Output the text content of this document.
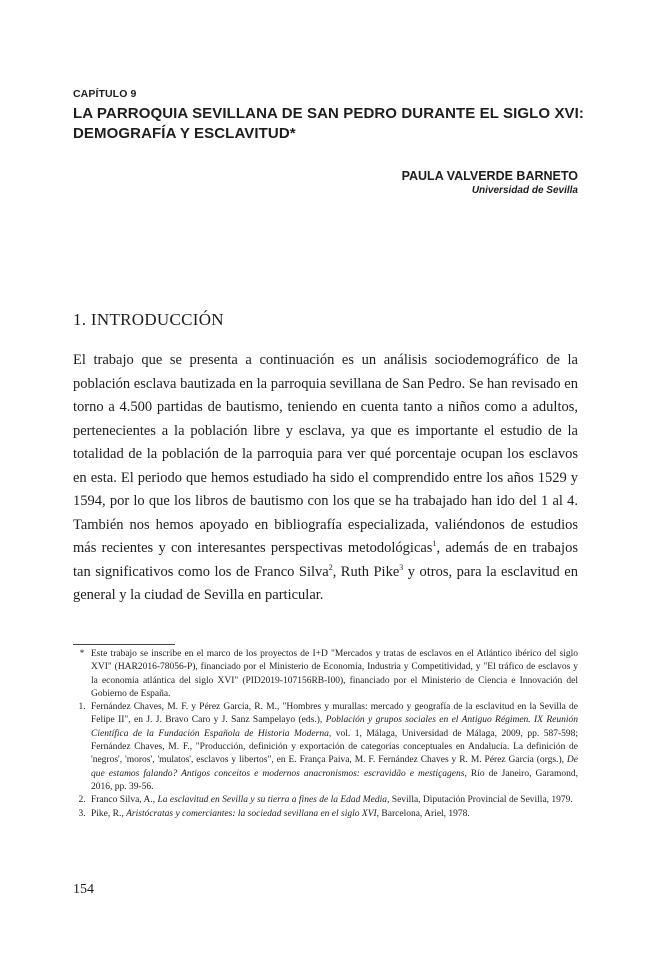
CAPÍTULO 9
LA PARROQUIA SEVILLANA DE SAN PEDRO DURANTE EL SIGLO XVI:
DEMOGRAFÍA Y ESCLAVITUD*
PAULA VALVERDE BARNETO
Universidad de Sevilla
1. INTRODUCCIÓN

El trabajo que se presenta a continuación es un análisis sociodemográfico de la población esclava bautizada en la parroquia sevillana de San Pedro. Se han revisado en torno a 4.500 partidas de bautismo, teniendo en cuenta tanto a niños como a adultos, pertenecientes a la población libre y esclava, ya que es importante el estudio de la totalidad de la población de la parroquia para ver qué porcentaje ocupan los esclavos en esta. El periodo que hemos estudiado ha sido el comprendido entre los años 1529 y 1594, por lo que los libros de bautismo con los que se ha trabajado han ido del 1 al 4. También nos hemos apoyado en bibliografía especializada, valiéndonos de estudios más recientes y con interesantes perspectivas metodológicas$^1$, además de en trabajos tan significativos como los de Franco Silva$^2$, Ruth Pike$^3$ y otros, para la esclavitud en general y la ciudad de Sevilla en particular.

* Este trabajo se inscribe en el marco de los proyectos de I+D "Mercados y tratas de esclavos en el Atlántico ibérico del siglo XVI" (HAR2016-78056-P), financiado por el Ministerio de Economía, Industria y Competitividad, y "El tráfico de esclavos y la economía atlántica del siglo XVI" (PID2019-107156RB-I00), financiado por el Ministerio de Ciencia e Innovación del Gobierno de España.
1. Fernández Chaves, M. F. y Pérez García, R. M., "Hombres y murallas: mercado y geografía de la esclavitud en la Sevilla de Felipe II", en J. J. Bravo Caro y J. Sanz Sampelayo (eds.), Población y grupos sociales en el Antiguo Régimen. IX Reunión Científica de la Fundación Española de Historia Moderna, vol. 1, Málaga, Universidad de Málaga, 2009, pp. 587-598; Fernández Chaves, M. F., "Producción, definición y exportación de categorías conceptuales en Andalucía. La definición de 'negros', 'moros', 'mulatos', esclavos y libertos", en E. França Paiva, M. F. Fernández Chaves y R. M. Pérez García (orgs.), De que estamos falando? Antigos conceitos e modernos anacronismos: escravidão e mestiçagens, Río de Janeiro, Garamond, 2016, pp. 39-56.
2. Franco Silva, A., La esclavitud en Sevilla y su tierra a fines de la Edad Media, Sevilla, Diputación Provincial de Sevilla, 1979.
3. Pike, R., Aristócratas y comerciantes: la sociedad sevillana en el siglo XVI, Barcelona, Ariel, 1978.
154
